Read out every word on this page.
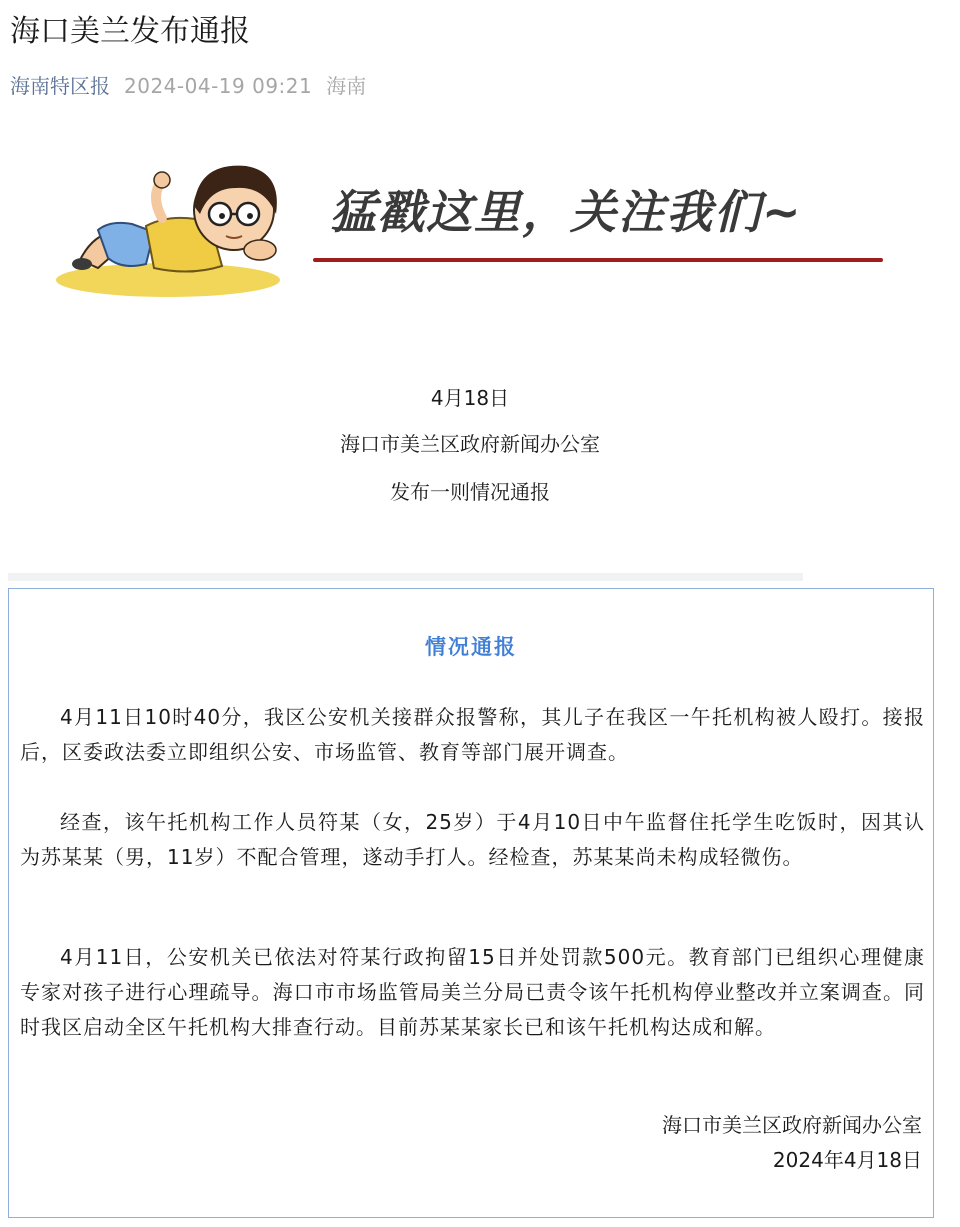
海口美兰发布通报
海南特区报 2024-04-19 09:21 海南
猛戳这里，关注我们~
4月18日
海口市美兰区政府新闻办公室
发布一则情况通报
情况通报

4月11日10时40分，我区公安机关接群众报警称，其儿子在我区一午托机构被人殴打。接报后，区委政法委立即组织公安、市场监管、教育等部门展开调查。

经查，该午托机构工作人员符某（女，25岁）于4月10日中午监督住托学生吃饭时，因其认为苏某某（男，11岁）不配合管理，遂动手打人。经检查，苏某某尚未构成轻微伤。

4月11日，公安机关已依法对符某行政拘留15日并处罚款500元。教育部门已组织心理健康专家对孩子进行心理疏导。海口市市场监管局美兰分局已责令该午托机构停业整改并立案调查。同时我区启动全区午托机构大排查行动。目前苏某某家长已和该午托机构达成和解。

海口市美兰区政府新闻办公室
2024年4月18日
